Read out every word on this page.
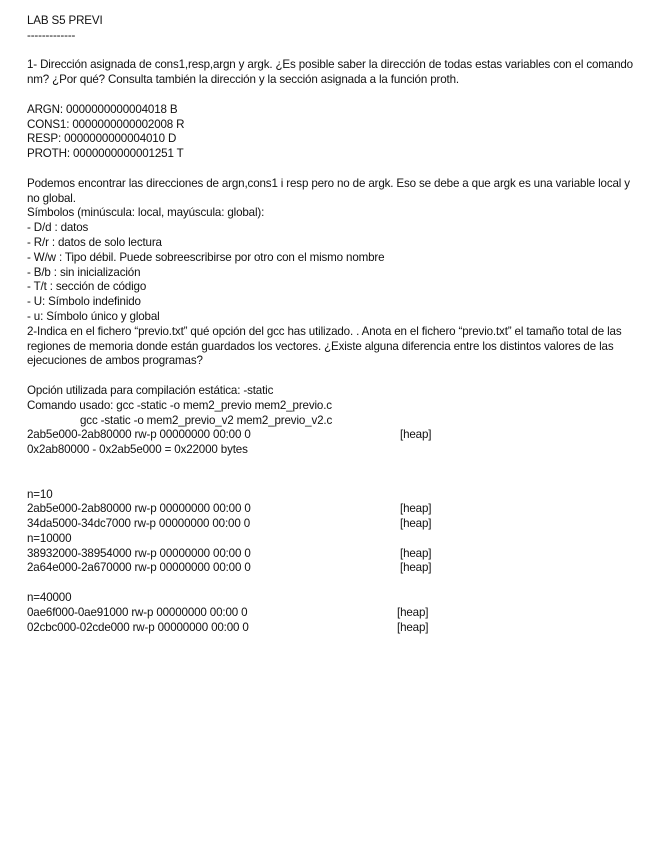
LAB S5 PREVI
-------------
1- Dirección asignada de cons1,resp,argn y argk. ¿Es posible saber la dirección de todas estas variables con el comando nm? ¿Por qué? Consulta también la dirección y la sección asignada a la función proth.
ARGN: 0000000000004018 B
CONS1: 0000000000002008 R
RESP: 0000000000004010 D
PROTH: 0000000000001251 T
Podemos encontrar las direcciones de argn,cons1 i resp pero no de argk. Eso se debe a que argk es una variable local y no global.
Símbolos (minúscula: local, mayúscula: global):
- D/d : datos
- R/r : datos de solo lectura
- W/w : Tipo débil. Puede sobreescribirse por otro con el mismo nombre
- B/b : sin inicialización
- T/t : sección de código
- U: Símbolo indefinido
- u: Símbolo único y global
2-Indica en el fichero “previo.txt” qué opción del gcc has utilizado. . Anota en el fichero “previo.txt” el tamaño total de las regiones de memoria donde están guardados los vectores. ¿Existe alguna diferencia entre los distintos valores de las ejecuciones de ambos programas?
Opción utilizada para compilación estática: -static
Comando usado: gcc -static -o mem2_previo mem2_previo.c
gcc -static -o mem2_previo_v2 mem2_previo_v2.c
2ab5e000-2ab80000 rw-p 00000000 00:00 0	[heap]
0x2ab80000 - 0x2ab5e000 = 0x22000 bytes
n=10
2ab5e000-2ab80000 rw-p 00000000 00:00 0	[heap]
34da5000-34dc7000 rw-p 00000000 00:00 0	[heap]
n=10000
38932000-38954000 rw-p 00000000 00:00 0	[heap]
2a64e000-2a670000 rw-p 00000000 00:00 0	[heap]
n=40000
0ae6f000-0ae91000 rw-p 00000000 00:00 0	[heap]
02cbc000-02cde000 rw-p 00000000 00:00 0	[heap]
